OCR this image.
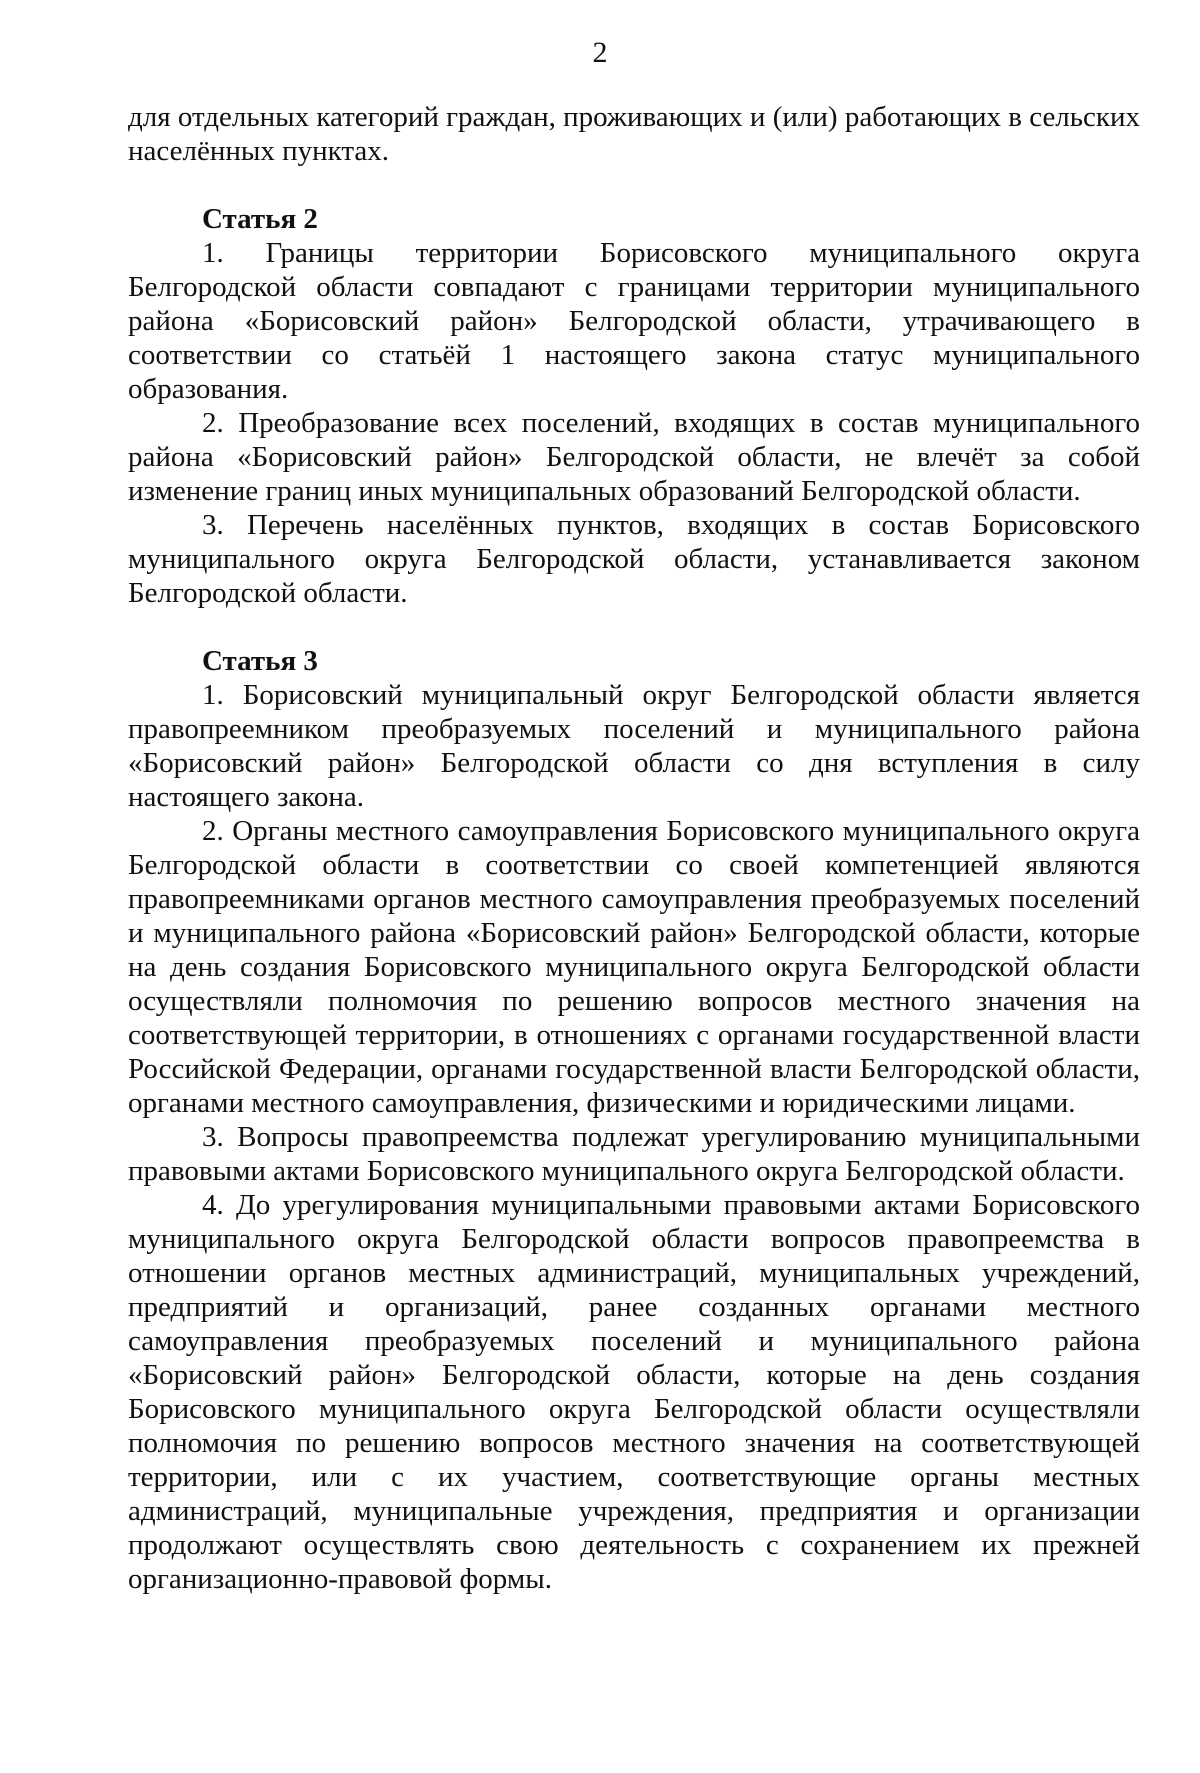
2

для отдельных категорий граждан, проживающих и (или) работающих в сельских населённых пунктах.

Статья 2

1. Границы территории Борисовского муниципального округа Белгородской области совпадают с границами территории муниципального района «Борисовский район» Белгородской области, утрачивающего в соответствии со статьёй 1 настоящего закона статус муниципального образования.

2. Преобразование всех поселений, входящих в состав муниципального района «Борисовский район» Белгородской области, не влечёт за собой изменение границ иных муниципальных образований Белгородской области.

3. Перечень населённых пунктов, входящих в состав Борисовского муниципального округа Белгородской области, устанавливается законом Белгородской области.

Статья 3

1. Борисовский муниципальный округ Белгородской области является правопреемником преобразуемых поселений и муниципального района «Борисовский район» Белгородской области со дня вступления в силу настоящего закона.

2. Органы местного самоуправления Борисовского муниципального округа Белгородской области в соответствии со своей компетенцией являются правопреемниками органов местного самоуправления преобразуемых поселений и муниципального района «Борисовский район» Белгородской области, которые на день создания Борисовского муниципального округа Белгородской области осуществляли полномочия по решению вопросов местного значения на соответствующей территории, в отношениях с органами государственной власти Российской Федерации, органами государственной власти Белгородской области, органами местного самоуправления, физическими и юридическими лицами.

3. Вопросы правопреемства подлежат урегулированию муниципальными правовыми актами Борисовского муниципального округа Белгородской области.

4. До урегулирования муниципальными правовыми актами Борисовского муниципального округа Белгородской области вопросов правопреемства в отношении органов местных администраций, муниципальных учреждений, предприятий и организаций, ранее созданных органами местного самоуправления преобразуемых поселений и муниципального района «Борисовский район» Белгородской области, которые на день создания Борисовского муниципального округа Белгородской области осуществляли полномочия по решению вопросов местного значения на соответствующей территории, или с их участием, соответствующие органы местных администраций, муниципальные учреждения, предприятия и организации продолжают осуществлять свою деятельность с сохранением их прежней организационно-правовой формы.
